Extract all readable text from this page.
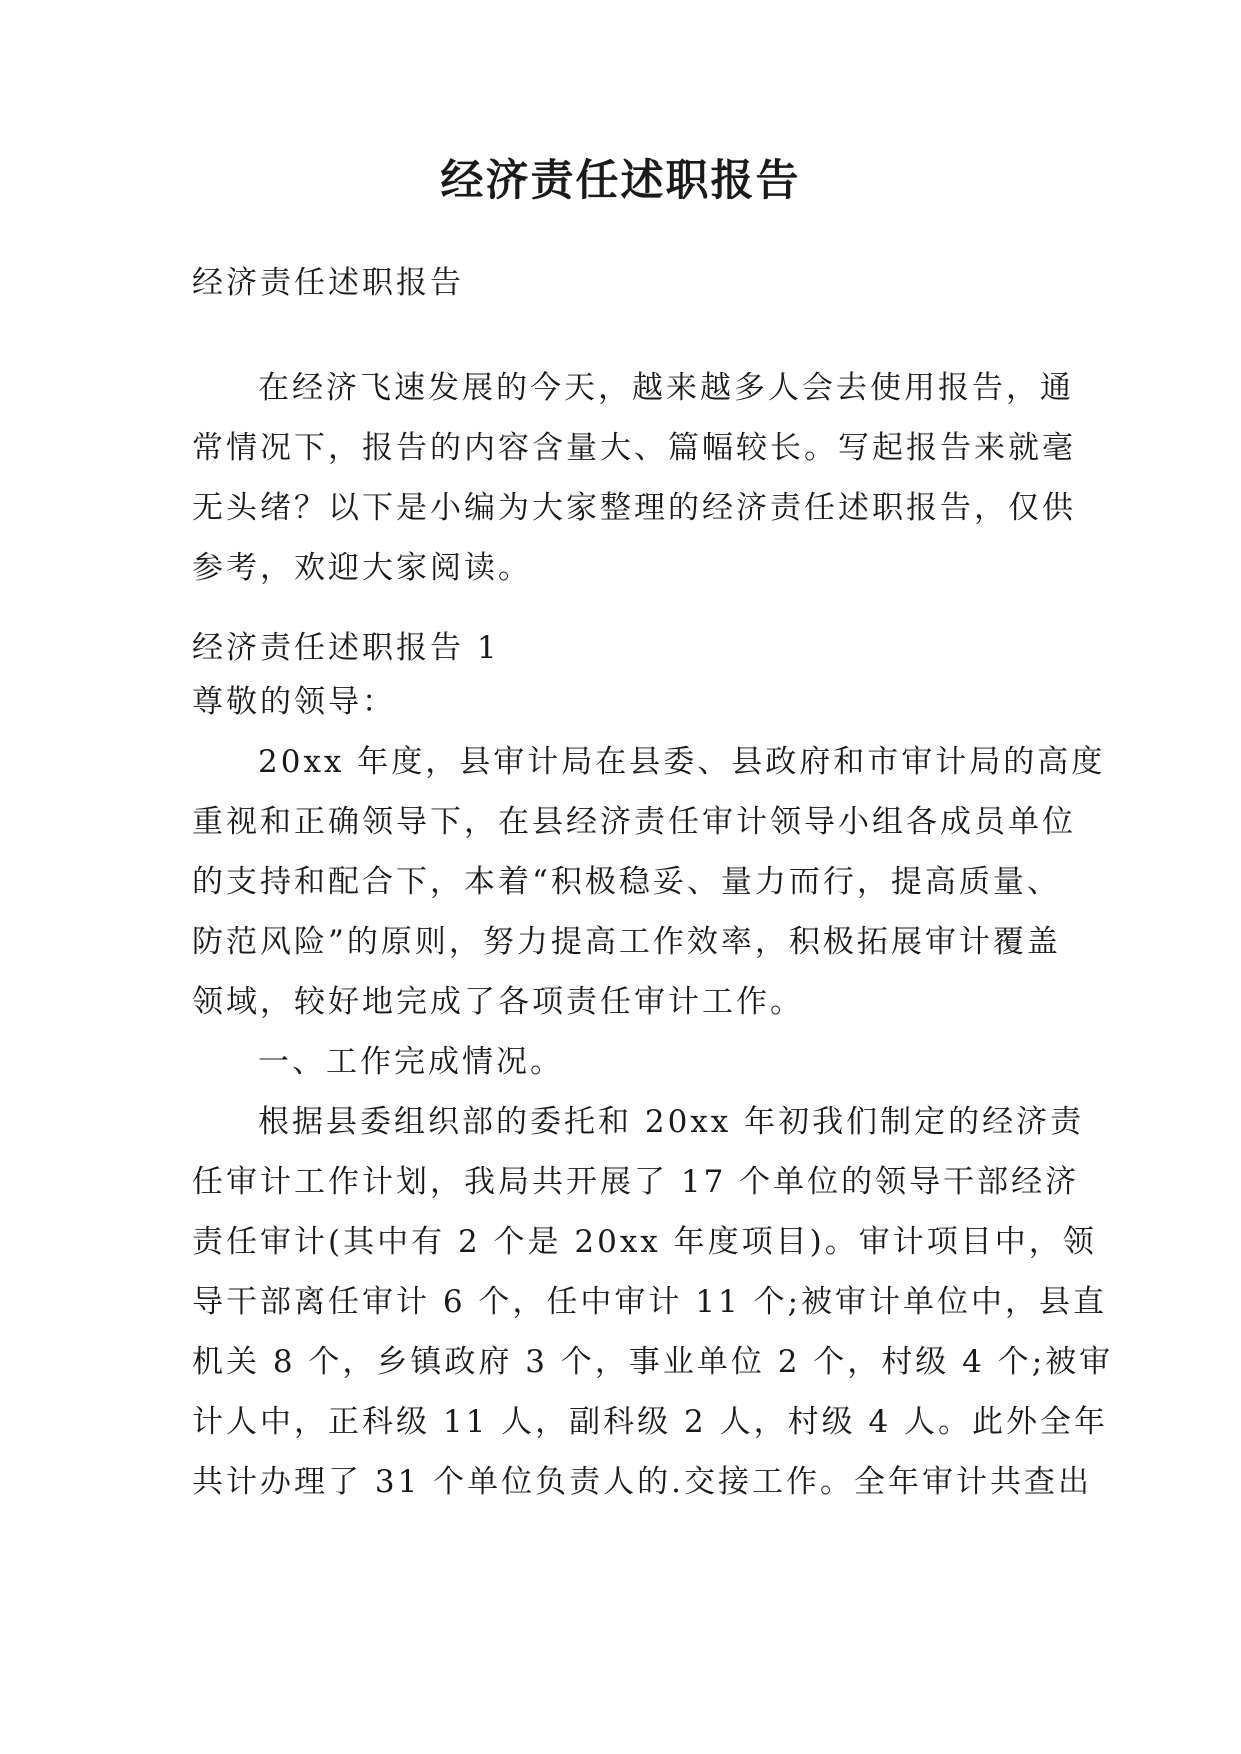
经济责任述职报告

经济责任述职报告

在经济飞速发展的今天，越来越多人会去使用报告，通
常情况下，报告的内容含量大、篇幅较长。写起报告来就毫
无头绪？以下是小编为大家整理的经济责任述职报告，仅供
参考，欢迎大家阅读。

经济责任述职报告 1

尊敬的领导：

20xx 年度，县审计局在县委、县政府和市审计局的高度
重视和正确领导下，在县经济责任审计领导小组各成员单位
的支持和配合下，本着“积极稳妥、量力而行，提高质量、
防范风险”的原则，努力提高工作效率，积极拓展审计覆盖
领域，较好地完成了各项责任审计工作。

一、工作完成情况。

根据县委组织部的委托和 20xx 年初我们制定的经济责
任审计工作计划，我局共开展了 17 个单位的领导干部经济
责任审计(其中有 2 个是 20xx 年度项目)。审计项目中，领
导干部离任审计 6 个，任中审计 11 个;被审计单位中，县直
机关 8 个，乡镇政府 3 个，事业单位 2 个，村级 4 个;被审
计人中，正科级 11 人，副科级 2 人，村级 4 人。此外全年
共计办理了 31 个单位负责人的.交接工作。全年审计共查出
